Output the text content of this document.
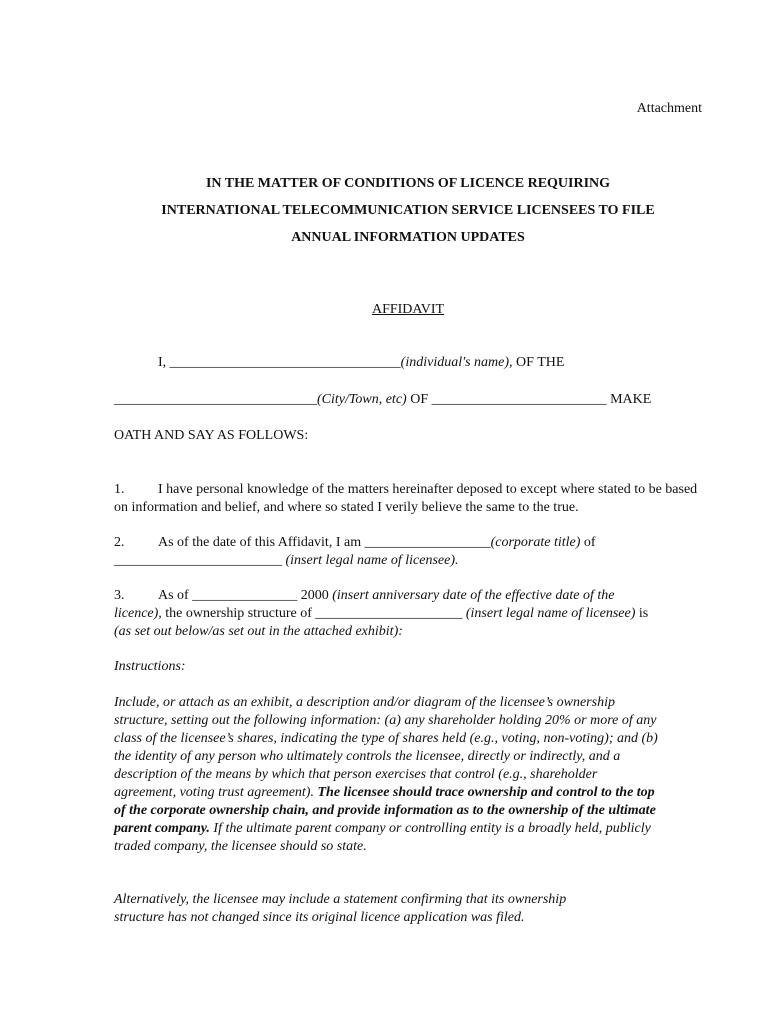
Attachment
IN THE MATTER OF CONDITIONS OF LICENCE REQUIRING
INTERNATIONAL TELECOMMUNICATION SERVICE LICENSEES TO FILE
ANNUAL INFORMATION UPDATES
AFFIDAVIT
I, _________________________________(individual's name), OF THE
_____________________________(City/Town, etc) OF _________________________ MAKE
OATH AND SAY AS FOLLOWS:
1. I have personal knowledge of the matters hereinafter deposed to except where stated to be based on information and belief, and where so stated I verily believe the same to the true.
2. As of the date of this Affidavit, I am __________________(corporate title) of ________________________ (insert legal name of licensee).
3. As of _______________ 2000 (insert anniversary date of the effective date of the licence), the ownership structure of _____________________ (insert legal name of licensee) is (as set out below/as set out in the attached exhibit):
Instructions:
Include, or attach as an exhibit, a description and/or diagram of the licensee’s ownership structure, setting out the following information: (a) any shareholder holding 20% or more of any class of the licensee’s shares, indicating the type of shares held (e.g., voting, non-voting); and (b) the identity of any person who ultimately controls the licensee, directly or indirectly, and a description of the means by which that person exercises that control (e.g., shareholder agreement, voting trust agreement). The licensee should trace ownership and control to the top of the corporate ownership chain, and provide information as to the ownership of the ultimate parent company. If the ultimate parent company or controlling entity is a broadly held, publicly traded company, the licensee should so state.
Alternatively, the licensee may include a statement confirming that its ownership structure has not changed since its original licence application was filed.
